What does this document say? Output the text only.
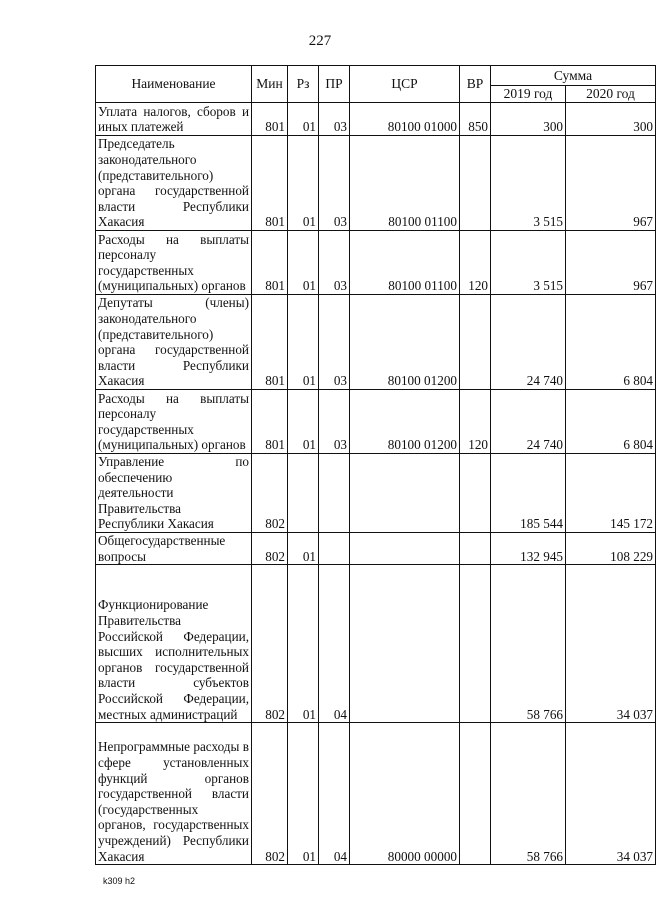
227
Наименование	Мин	Рз	ПР	ЦСР	ВР	Сумма	
						2019 год	2020 год
Уплата налогов, сборов и иных платежей	801	01	03	80100 01000	850	300	300
Председатель законодательного (представительного) органа государственной власти Республики Хакасия	801	01	03	80100 01100		3 515	967
Расходы на выплаты персоналу государственных (муниципальных) органов	801	01	03	80100 01100	120	3 515	967
Депутаты (члены) законодательного (представительного) органа государственной власти Республики Хакасия	801	01	03	80100 01200		24 740	6 804
Расходы на выплаты персоналу государственных (муниципальных) органов	801	01	03	80100 01200	120	24 740	6 804
Управление по обеспечению деятельности Правительства Республики Хакасия	802					185 544	145 172
Общегосударственные вопросы	802	01				132 945	108 229
Функционирование Правительства Российской Федерации, высших исполнительных органов государственной власти субъектов Российской Федерации, местных администраций	802	01	04			58 766	34 037
Непрограммные расходы в сфере установленных функций органов государственной власти (государственных органов, государственных учреждений) Республики Хакасия	802	01	04	80000 00000		58 766	34 037
k309 h2
